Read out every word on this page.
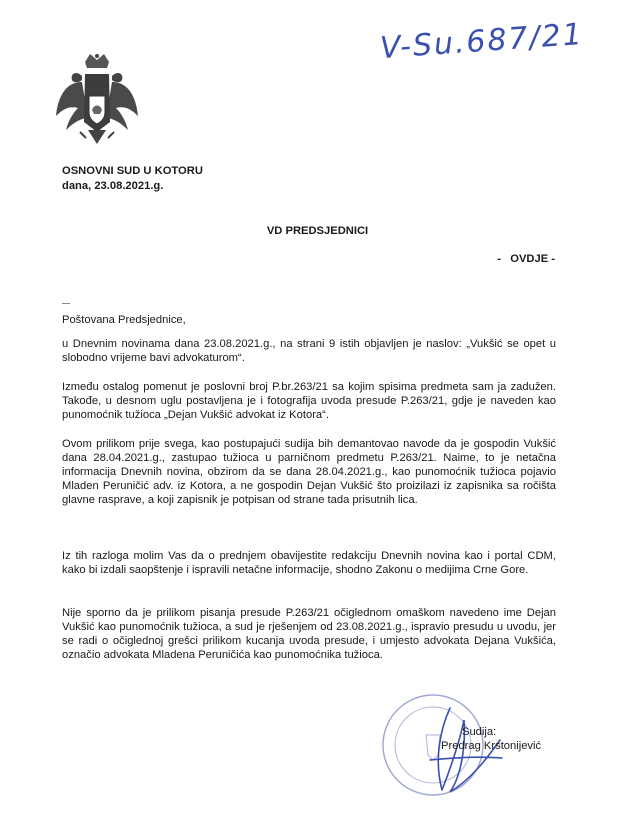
V-Su.687/21
OSNOVNI SUD U KOTORU
dana, 23.08.2021.g.
VD PREDSJEDNICI
-   OVDJE -
Poštovana Predsjednice,
u Dnevnim novinama dana 23.08.2021.g., na strani 9 istih objavljen je naslov: „Vukšić se opet u slobodno vrijeme bavi advokaturom“.
Između ostalog pomenut je poslovni broj P.br.263/21 sa kojim spisima predmeta sam ja zadužen. Takođe, u desnom uglu postavljena je i fotografija uvoda presude P.263/21, gdje je naveden kao punomoćnik tužioca „Dejan Vukšić advokat iz Kotora“.
Ovom prilikom prije svega, kao postupajući sudija bih demantovao navode da je gospodin Vukšić dana 28.04.2021.g., zastupao tužioca u parničnom predmetu P.263/21. Naime, to je netačna informacija Dnevnih novina, obzirom da se dana 28.04.2021.g., kao punomoćnik tužioca pojavio Mladen Peruničić adv. iz Kotora, a ne gospodin Dejan Vukšić što proizilazi iz zapisnika sa ročišta glavne rasprave, a koji zapisnik je potpisan od strane tada prisutnih lica.
Iz tih razloga molim Vas da o prednjem obavijestite redakciju Dnevnih novina kao i portal CDM, kako bi izdali saopštenje i ispravili netačne informacije, shodno Zakonu o medijima Crne Gore.
Nije sporno da je prilikom pisanja presude P.263/21 očiglednom omaškom navedeno ime Dejan Vukšić kao punomoćnik tužioca, a sud je rješenjem od 23.08.2021.g., ispravio presudu u uvodu, jer se radi o očiglednoj grešci prilikom kucanja uvoda presude, i umjesto advokata Dejana Vukšića, označio advokata Mladena Peruničića kao punomoćnika tužioca.
Sudija:
Predrag Krstonijević
